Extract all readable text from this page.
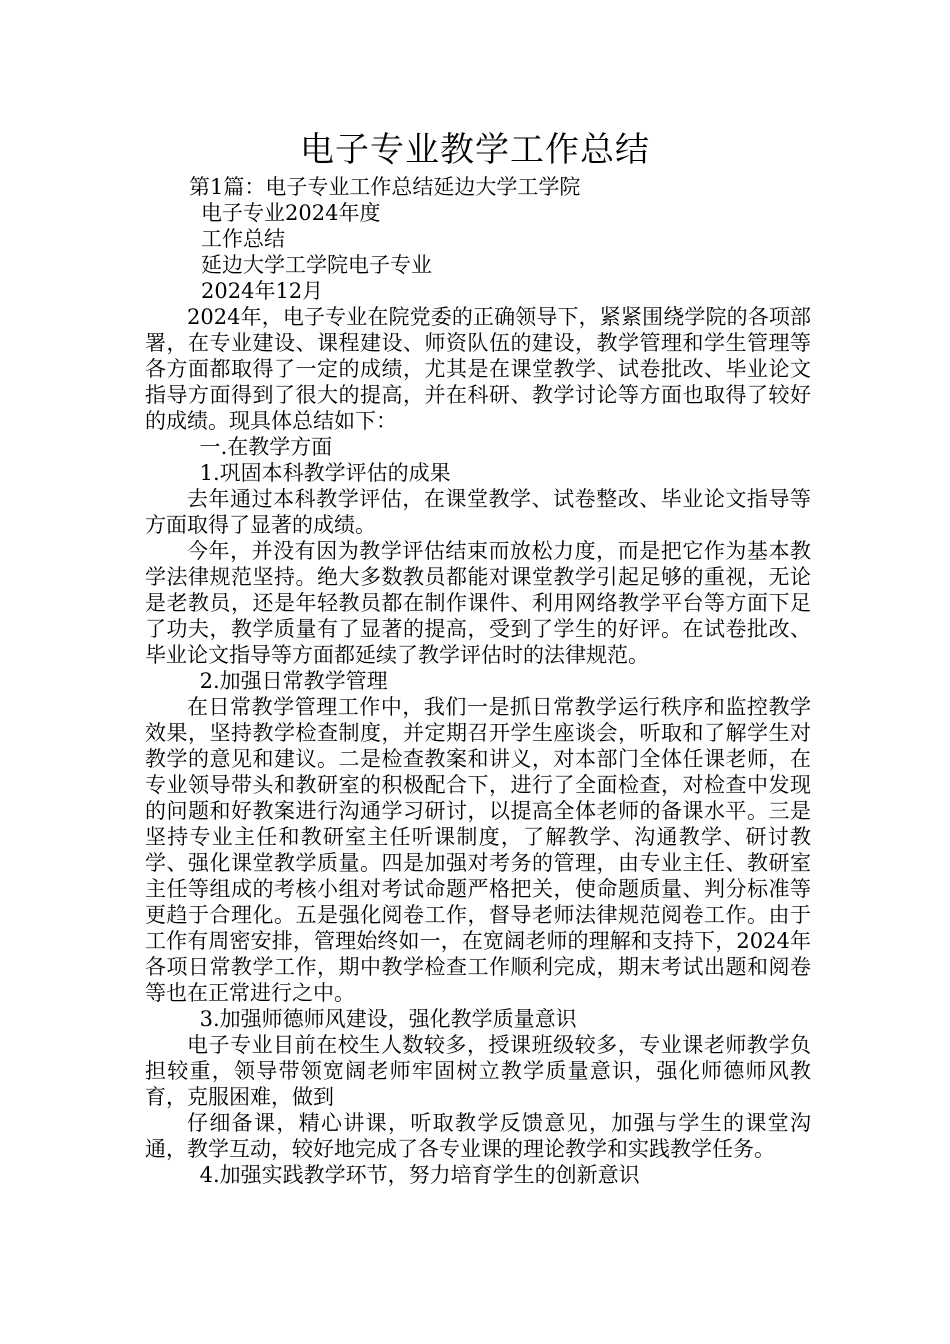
电子专业教学工作总结
第1篇：电子专业工作总结延边大学工学院
电子专业2024年度
工作总结
延边大学工学院电子专业
2024年12月

2024年，电子专业在院党委的正确领导下，紧紧围绕学院的各项部署，在专业建设、课程建设、师资队伍的建设，教学管理和学生管理等各方面都取得了一定的成绩，尤其是在课堂教学、试卷批改、毕业论文指导方面得到了很大的提高，并在科研、教学讨论等方面也取得了较好的成绩。现具体总结如下：

一.在教学方面

1.巩固本科教学评估的成果

去年通过本科教学评估，在课堂教学、试卷整改、毕业论文指导等方面取得了显著的成绩。

今年，并没有因为教学评估结束而放松力度，而是把它作为基本教学法律规范坚持。绝大多数教员都能对课堂教学引起足够的重视，无论是老教员，还是年轻教员都在制作课件、利用网络教学平台等方面下足了功夫，教学质量有了显著的提高，受到了学生的好评。在试卷批改、毕业论文指导等方面都延续了教学评估时的法律规范。

2.加强日常教学管理

在日常教学管理工作中，我们一是抓日常教学运行秩序和监控教学效果，坚持教学检查制度，并定期召开学生座谈会，听取和了解学生对教学的意见和建议。二是检查教案和讲义，对本部门全体任课老师，在专业领导带头和教研室的积极配合下，进行了全面检查，对检查中发现的问题和好教案进行沟通学习研讨，以提高全体老师的备课水平。三是坚持专业主任和教研室主任听课制度，了解教学、沟通教学、研讨教学、强化课堂教学质量。四是加强对考务的管理，由专业主任、教研室主任等组成的考核小组对考试命题严格把关，使命题质量、判分标准等更趋于合理化。五是强化阅卷工作，督导老师法律规范阅卷工作。由于工作有周密安排，管理始终如一，在宽阔老师的理解和支持下，2024年各项日常教学工作，期中教学检查工作顺利完成，期末考试出题和阅卷等也在正常进行之中。

3.加强师德师风建设，强化教学质量意识

电子专业目前在校生人数较多，授课班级较多，专业课老师教学负担较重，领导带领宽阔老师牢固树立教学质量意识，强化师德师风教育，克服困难，做到

仔细备课，精心讲课，听取教学反馈意见，加强与学生的课堂沟通，教学互动，较好地完成了各专业课的理论教学和实践教学任务。

4.加强实践教学环节，努力培育学生的创新意识
